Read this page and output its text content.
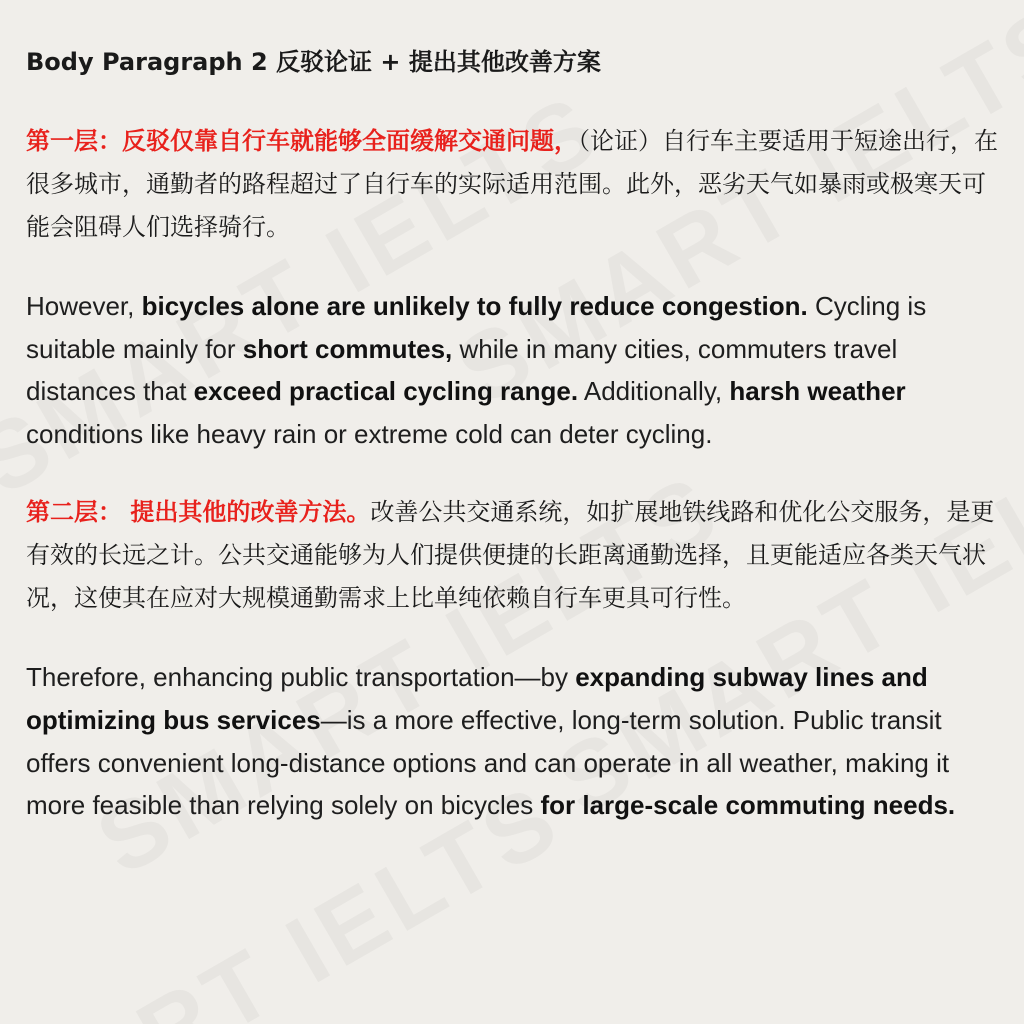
Body Paragraph 2 反驳论证 + 提出其他改善方案

第一层：反驳仅靠自行车就能够全面缓解交通问题，（论证）自行车主要适用于短途出行，在很多城市，通勤者的路程超过了自行车的实际适用范围。此外，恶劣天气如暴雨或极寒天可能会阻碍人们选择骑行。

However, bicycles alone are unlikely to fully reduce congestion. Cycling is suitable mainly for short commutes, while in many cities, commuters travel distances that exceed practical cycling range. Additionally, harsh weather conditions like heavy rain or extreme cold can deter cycling.

第二层： 提出其他的改善方法。改善公共交通系统，如扩展地铁线路和优化公交服务，是更有效的长远之计。公共交通能够为人们提供便捷的长距离通勤选择，且更能适应各类天气状况，这使其在应对大规模通勤需求上比单纯依赖自行车更具可行性。

Therefore, enhancing public transportation—by expanding subway lines and optimizing bus services—is a more effective, long-term solution. Public transit offers convenient long-distance options and can operate in all weather, making it more feasible than relying solely on bicycles for large-scale commuting needs.
